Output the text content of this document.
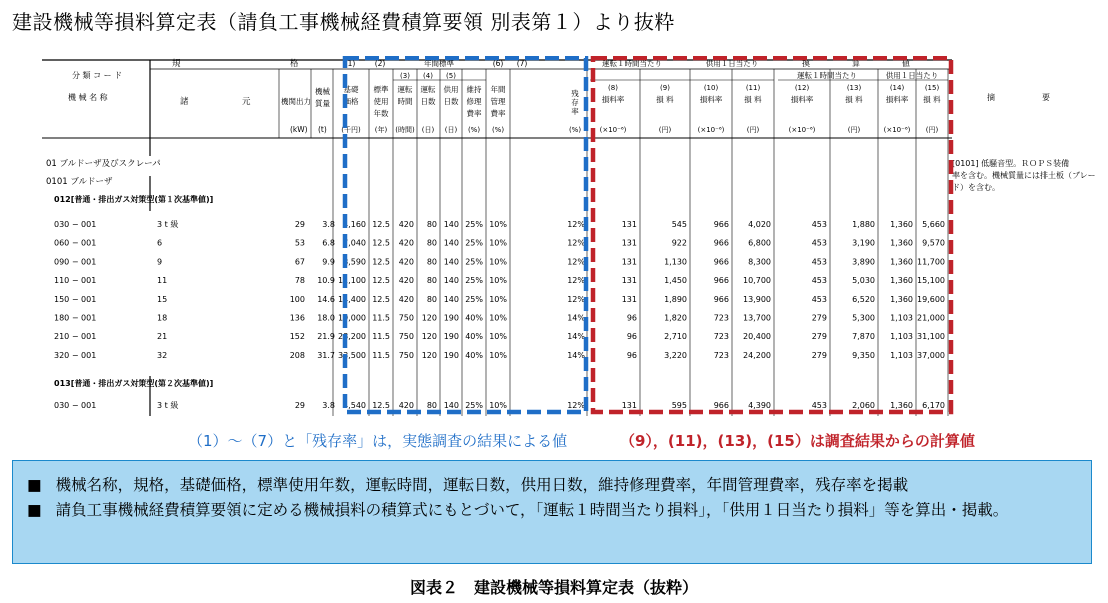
建設機械等損料算定表（請負工事機械経費積算要領 別表第１）より抜粋
分 類 コ ー ド
機 械 名 称
規	格
諸	元	機関出力
機械
質量
(kW) (t)
(1)	(2)	年間標準	(6) (7)
(3) (4) (5)
基礎
価格
標準
使用
年数
運転
時間
運転
日数
供用
日数
維持
修理
費率
年間
管理
費率
(千円) (年) (時間) (日) (日) (%) (%)
残存率
(%)
運転１時間当たり	供用１日当たり	換	算	値
運転１時間当たり	供用１日当たり
(8)
損料率
(×10⁻⁶)
(9)
損 料
(円)
(10)
損料率
(×10⁻⁶)
(11)
損 料
(円)
(12)
損料率
(×10⁻⁶)
(13)
損 料
(円)
(14)
損料率
(×10⁻⁶)
(15)
損 料
(円)
摘	要
01 ブルドーザ及びスクレーパ
0101 ブルドーザ
012[普通・排出ガス対策型(第１次基準値)]
[0101] 低騒音型。ＲＯＰＳ装備
率を含む。機械質量には排土板（ブレー
ド）を含む。
030 − 001	3 t 級	29 3.8 4,160 12.5 420 80 140 25% 10%	12%	131	545	966 4,020	453	1,880 1,360 5,660
060 − 001	6	53 6.8 7,040 12.5 420 80 140 25% 10%	12%	131	922	966 6,800	453	3,190 1,360 9,570
090 − 001	9	67 9.9 8,590 12.5 420 80 140 25% 10%	12%	131	1,130	966 8,300	453	3,890 1,360 11,700
110 − 001	11	78 10.9 11,100 12.5 420 80 140 25% 10%	12%	131	1,450	966 10,700	453	5,030 1,360 15,100
150 − 001	15	100 14.6 14,400 12.5 420 80 140 25% 10%	12%	131	1,890	966 13,900	453	6,520 1,360 19,600
180 − 001	18	136 18.0 19,000 11.5 750 120 190 40% 10%	14%	96	1,820	723 13,700	279	5,300 1,103 21,000
210 − 001	21	152 21.9 28,200 11.5 750 120 190 40% 10%	14%	96	2,710	723 20,400	279	7,870 1,103 31,100
320 − 001	32	208 31.7 33,500 11.5 750 120 190 40% 10%	14%	96	3,220	723 24,200	279	9,350 1,103 37,000
013[普通・排出ガス対策型(第２次基準値)]
030 − 001	3 t 級	29 3.8 4,540 12.5 420 80 140 25% 10%	12%	131	595	966 4,390	453	2,060 1,360 6,170
（1）～（7）と「残存率」は，実態調査の結果による値	（9），(11)，(13)，(15）は調査結果からの計算値
■ 機械名称，規格，基礎価格，標準使用年数，運転時間，運転日数，供用日数，維持修理費率，年間管理費率，残存率を掲載
■ 請負工事機械経費積算要領に定める機械損料の積算式にもとづいて，「運転１時間当たり損料」，「供用１日当たり損料」等を算出・掲載。
図表２　建設機械等損料算定表（抜粋）
